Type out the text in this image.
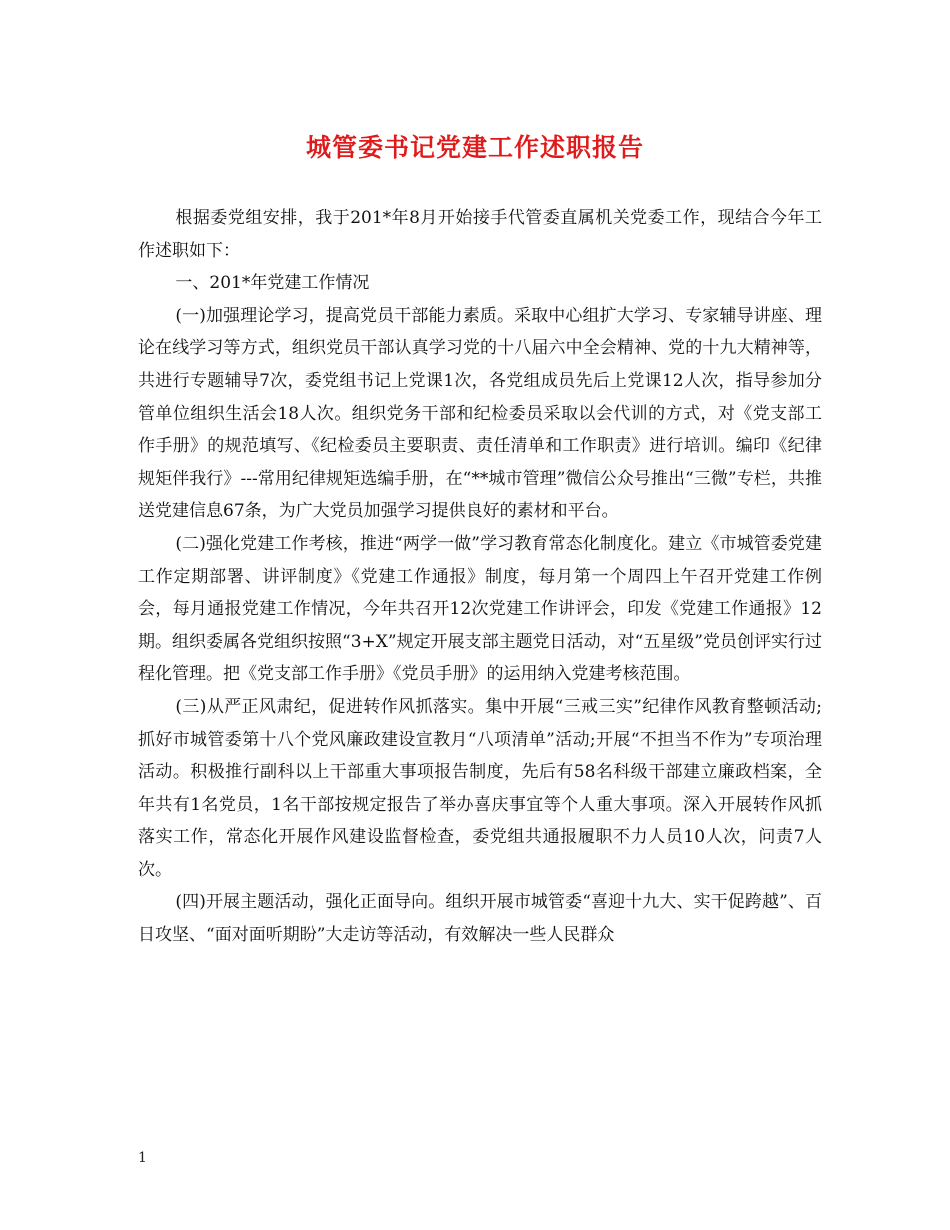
城管委书记党建工作述职报告

根据委党组安排，我于201*年8月开始接手代管委直属机关党委工作，现结合今年工作述职如下：

一、201*年党建工作情况

(一)加强理论学习，提高党员干部能力素质。采取中心组扩大学习、专家辅导讲座、理论在线学习等方式，组织党员干部认真学习党的十八届六中全会精神、党的十九大精神等，共进行专题辅导7次，委党组书记上党课1次，各党组成员先后上党课12人次，指导参加分管单位组织生活会18人次。组织党务干部和纪检委员采取以会代训的方式，对《党支部工作手册》的规范填写、《纪检委员主要职责、责任清单和工作职责》进行培训。编印《纪律规矩伴我行》---常用纪律规矩选编手册，在“**城市管理”微信公众号推出“三微”专栏，共推送党建信息67条，为广大党员加强学习提供良好的素材和平台。

(二)强化党建工作考核，推进“两学一做”学习教育常态化制度化。建立《市城管委党建工作定期部署、讲评制度》《党建工作通报》制度，每月第一个周四上午召开党建工作例会，每月通报党建工作情况，今年共召开12次党建工作讲评会，印发《党建工作通报》12期。组织委属各党组织按照“3+X”规定开展支部主题党日活动，对“五星级”党员创评实行过程化管理。把《党支部工作手册》《党员手册》的运用纳入党建考核范围。

(三)从严正风肃纪，促进转作风抓落实。集中开展“三戒三实”纪律作风教育整顿活动;抓好市城管委第十八个党风廉政建设宣教月“八项清单”活动;开展“不担当不作为”专项治理活动。积极推行副科以上干部重大事项报告制度，先后有58名科级干部建立廉政档案，全年共有1名党员，1名干部按规定报告了举办喜庆事宜等个人重大事项。深入开展转作风抓落实工作，常态化开展作风建设监督检查，委党组共通报履职不力人员10人次，问责7人次。

(四)开展主题活动，强化正面导向。组织开展市城管委“喜迎十九大、实干促跨越”、百日攻坚、“面对面听期盼”大走访等活动，有效解决一些人民群众

1
